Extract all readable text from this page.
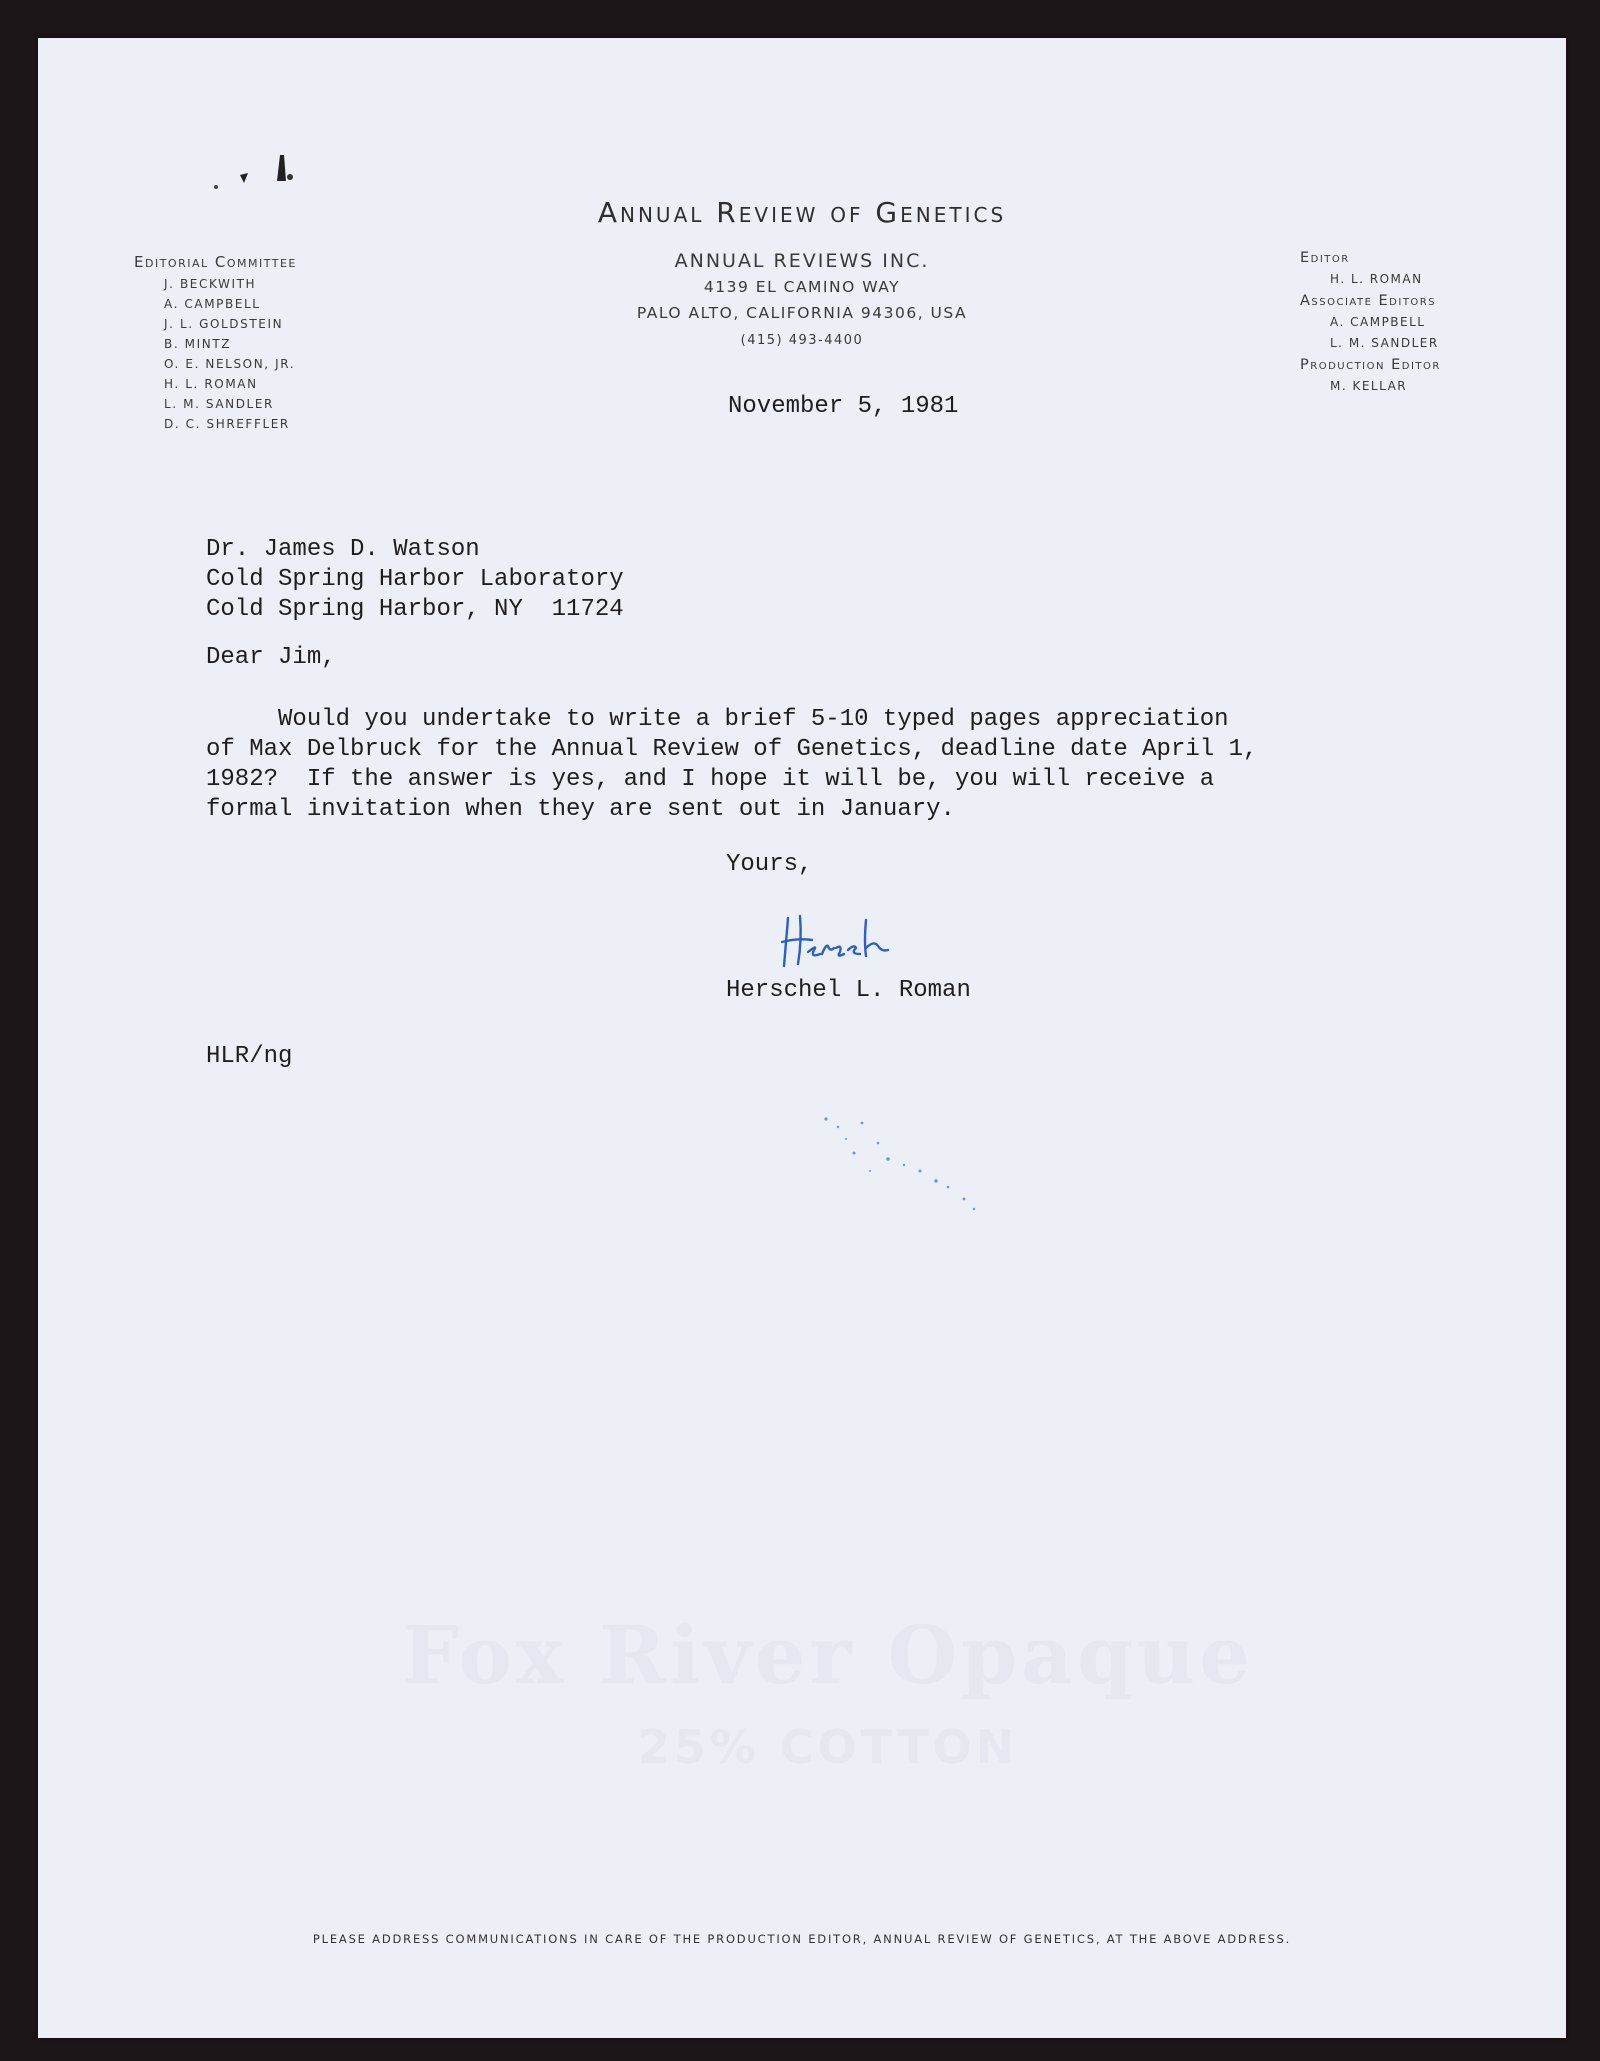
Editorial Committee
J. BECKWITH
A. CAMPBELL
J. L. GOLDSTEIN
B. MINTZ
O. E. NELSON, JR.
H. L. ROMAN
L. M. SANDLER
D. C. SHREFFLER
Annual Review of Genetics
ANNUAL REVIEWS INC.
4139 EL CAMINO WAY
PALO ALTO, CALIFORNIA 94306, USA
(415) 493-4400
Editor
H. L. ROMAN
Associate Editors
A. CAMPBELL
L. M. SANDLER
Production Editor
M. KELLAR
November 5, 1981
Dr. James D. Watson
Cold Spring Harbor Laboratory
Cold Spring Harbor, NY  11724
Dear Jim,
Would you undertake to write a brief 5-10 typed pages appreciation
of Max Delbruck for the Annual Review of Genetics, deadline date April 1,
1982?  If the answer is yes, and I hope it will be, you will receive a
formal invitation when they are sent out in January.
Yours,
Herschel L. Roman
HLR/ng
Fox River Opaque
25% COTTON
PLEASE ADDRESS COMMUNICATIONS IN CARE OF THE PRODUCTION EDITOR, ANNUAL REVIEW OF GENETICS, AT THE ABOVE ADDRESS.
